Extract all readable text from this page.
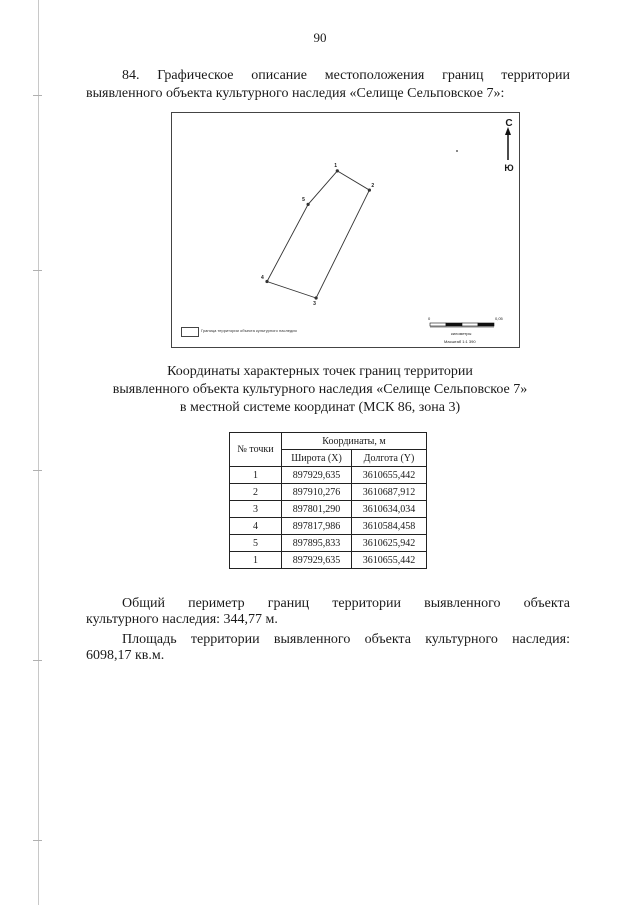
90
84. Графическое описание местоположения границ территории
выявленного объекта культурного наследия «Селище Сельповское 7»:
Граница территории объекта культурного наследия
С
Ю
0	0,05
километры
Масштаб 1:1 390
1
2
3
4
5
Координаты характерных точек границ территории
выявленного объекта культурного наследия «Селище Сельповское 7»
в местной системе координат (МСК 86, зона 3)
№ точки	Координаты, м	
	Широта (X)	Долгота (Y)
1	897929,635	3610655,442
2	897910,276	3610687,912
3	897801,290	3610634,034
4	897817,986	3610584,458
5	897895,833	3610625,942
1	897929,635	3610655,442
Общий периметр границ территории выявленного объекта
культурного наследия: 344,77 м.
Площадь территории выявленного объекта культурного наследия:
6098,17 кв.м.
